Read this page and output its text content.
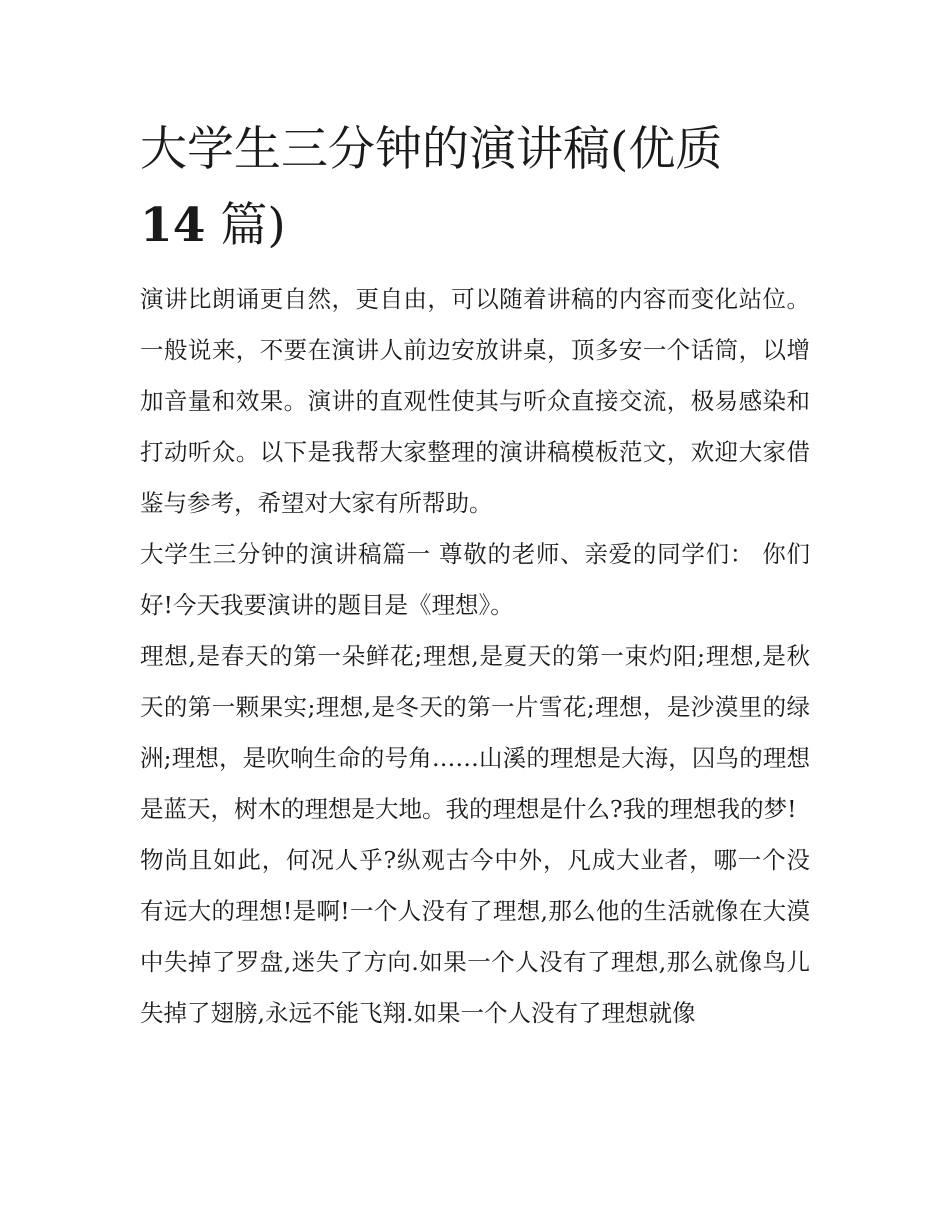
大学生三分钟的演讲稿(优质
14 篇)

演讲比朗诵更自然，更自由，可以随着讲稿的内容而变化站位。一般说来，不要在演讲人前边安放讲桌，顶多安一个话筒，以增加音量和效果。演讲的直观性使其与听众直接交流，极易感染和打动听众。以下是我帮大家整理的演讲稿模板范文，欢迎大家借鉴与参考，希望对大家有所帮助。

大学生三分钟的演讲稿篇一 尊敬的老师、亲爱的同学们： 你们好!今天我要演讲的题目是《理想》。

理想,是春天的第一朵鲜花;理想,是夏天的第一束灼阳;理想,是秋天的第一颗果实;理想,是冬天的第一片雪花;理想，是沙漠里的绿洲;理想，是吹响生命的号角……山溪的理想是大海，囚鸟的理想是蓝天，树木的理想是大地。我的理想是什么?我的理想我的梦!

物尚且如此，何况人乎?纵观古今中外，凡成大业者，哪一个没有远大的理想!是啊!一个人没有了理想,那么他的生活就像在大漠中失掉了罗盘,迷失了方向.如果一个人没有了理想,那么就像鸟儿失掉了翅膀,永远不能飞翔.如果一个人没有了理想就像
